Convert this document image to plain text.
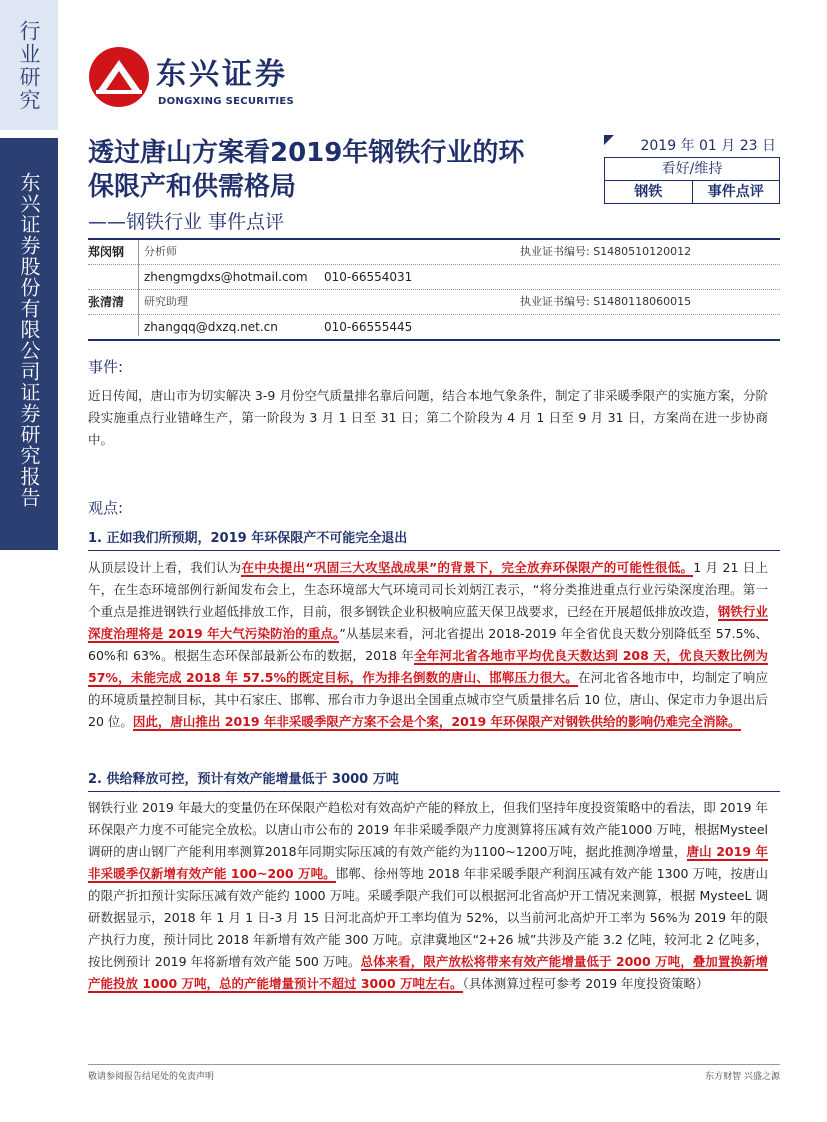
行业研究
东兴证券股份有限公司证券研究报告
东兴证券
DONGXING SECURITIES
透过唐山方案看2019年钢铁行业的环保限产和供需格局
——钢铁行业 事件点评
2019 年 01 月 23 日
看好/维持
钢铁	事件点评
郑闵钢	分析师	执业证书编号: S1480510120012
zhengmgdxs@hotmail.com 010-66554031
张清清	研究助理	执业证书编号: S1480118060015
zhangqq@dxzq.net.cn	010-66555445
事件:

近日传闻，唐山市为切实解决 3-9 月份空气质量排名靠后问题，结合本地气象条件，制定了非采暖季限产的实施方案，分阶段实施重点行业错峰生产，第一阶段为 3 月 1 日至 31 日；第二个阶段为 4 月 1 日至 9 月 31 日，方案尚在进一步协商中。

观点:
1. 正如我们所预期，2019 年环保限产不可能完全退出

从顶层设计上看，我们认为在中央提出“巩固三大攻坚战成果”的背景下，完全放弃环保限产的可能性很低。1 月 21 日上午，在生态环境部例行新闻发布会上，生态环境部大气环境司司长刘炳江表示，“将分类推进重点行业污染深度治理。第一个重点是推进钢铁行业超低排放工作，目前，很多钢铁企业积极响应蓝天保卫战要求，已经在开展超低排放改造，钢铁行业深度治理将是 2019 年大气污染防治的重点。”从基层来看，河北省提出 2018-2019 年全省优良天数分别降低至 57.5%、60%和 63%。根据生态环保部最新公布的数据，2018 年全年河北省各地市平均优良天数达到 208 天，优良天数比例为 57%，未能完成 2018 年 57.5%的既定目标，作为排名倒数的唐山、邯郸压力很大。在河北省各地市中，均制定了响应的环境质量控制目标，其中石家庄、邯郸、邢台市力争退出全国重点城市空气质量排名后 10 位，唐山、保定市力争退出后 20 位。因此，唐山推出 2019 年非采暖季限产方案不会是个案，2019 年环保限产对钢铁供给的影响仍难完全消除。

2. 供给释放可控，预计有效产能增量低于 3000 万吨

钢铁行业 2019 年最大的变量仍在环保限产趋松对有效高炉产能的释放上，但我们坚持年度投资策略中的看法，即 2019 年环保限产力度不可能完全放松。以唐山市公布的 2019 年非采暖季限产力度测算将压减有效产能1000 万吨，根据Mysteel 调研的唐山钢厂产能利用率测算2018年同期实际压减的有效产能约为1100~1200万吨，据此推测净增量，唐山 2019 年非采暖季仅新增有效产能 100~200 万吨。邯郸、徐州等地 2018 年非采暖季限产利润压减有效产能 1300 万吨，按唐山的限产折扣预计实际压减有效产能约 1000 万吨。采暖季限产我们可以根据河北省高炉开工情况来测算，根据 MysteeL 调研数据显示，2018 年 1 月 1 日-3 月 15 日河北高炉开工率均值为 52%，以当前河北高炉开工率为 56%为 2019 年的限产执行力度，预计同比 2018 年新增有效产能 300 万吨。京津冀地区“2+26 城”共涉及产能 3.2 亿吨，较河北 2 亿吨多，按比例预计 2019 年将新增有效产能 500 万吨。总体来看，限产放松将带来有效产能增量低于 2000 万吨，叠加置换新增产能投放 1000 万吨，总的产能增量预计不超过 3000 万吨左右。（具体测算过程可参考 2019 年度投资策略）

敬请参阅报告结尾处的免责声明	东方财智 兴盛之源
